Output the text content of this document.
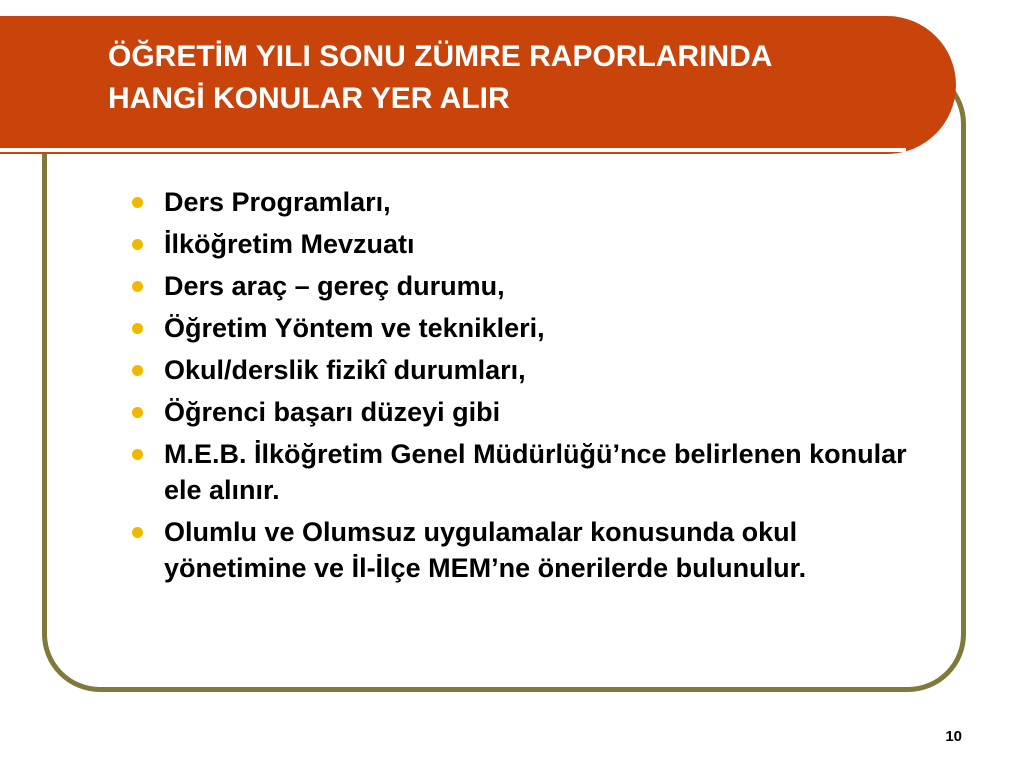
ÖĞRETİM YILI SONU ZÜMRE RAPORLARINDA
HANGİ KONULAR YER ALIR
Ders Programları,
İlköğretim Mevzuatı
Ders araç – gereç durumu,
Öğretim Yöntem ve teknikleri,
Okul/derslik fizikî durumları,
Öğrenci başarı düzeyi gibi
M.E.B. İlköğretim Genel Müdürlüğü’nce belirlenen konular ele alınır.
Olumlu ve Olumsuz uygulamalar konusunda okul yönetimine ve İl-İlçe MEM’ne önerilerde bulunulur.
10
